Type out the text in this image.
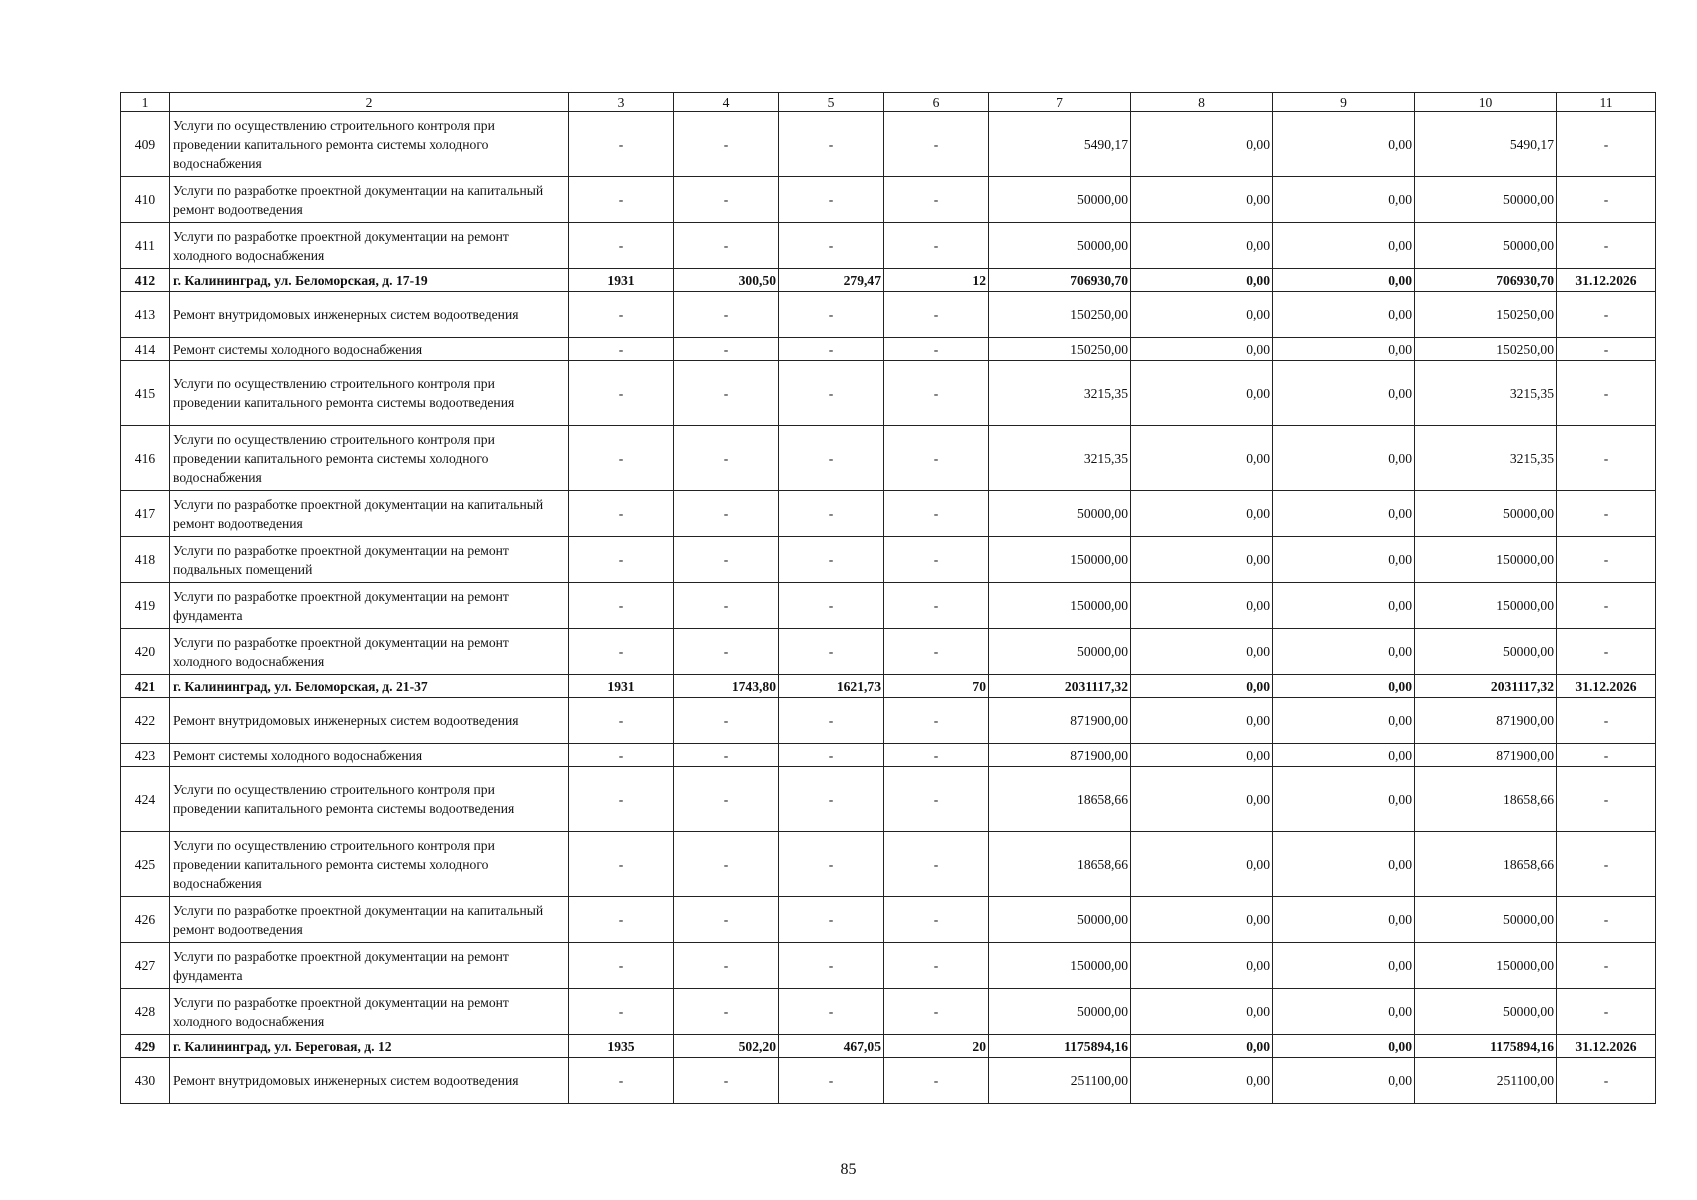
1	2	3	4	5	6	7	8	9	10	11
409	Услуги по осуществлению строительного контроля при проведении капитального ремонта системы холодного водоснабжения	-	-	-	-	5490,17	0,00	0,00	5490,17	-
410	Услуги по разработке проектной документации на капитальный ремонт водоотведения	-	-	-	-	50000,00	0,00	0,00	50000,00	-
411	Услуги по разработке проектной документации на ремонт холодного водоснабжения	-	-	-	-	50000,00	0,00	0,00	50000,00	-
412	г. Калининград, ул. Беломорская, д. 17-19	1931	300,50	279,47	12	706930,70	0,00	0,00	706930,70	31.12.2026
413	Ремонт внутридомовых инженерных систем водоотведения	-	-	-	-	150250,00	0,00	0,00	150250,00	-
414	Ремонт системы холодного водоснабжения	-	-	-	-	150250,00	0,00	0,00	150250,00	-
415	Услуги по осуществлению строительного контроля при проведении капитального ремонта системы водоотведения	-	-	-	-	3215,35	0,00	0,00	3215,35	-
416	Услуги по осуществлению строительного контроля при проведении капитального ремонта системы холодного водоснабжения	-	-	-	-	3215,35	0,00	0,00	3215,35	-
417	Услуги по разработке проектной документации на капитальный ремонт водоотведения	-	-	-	-	50000,00	0,00	0,00	50000,00	-
418	Услуги по разработке проектной документации на ремонт подвальных помещений	-	-	-	-	150000,00	0,00	0,00	150000,00	-
419	Услуги по разработке проектной документации на ремонт фундамента	-	-	-	-	150000,00	0,00	0,00	150000,00	-
420	Услуги по разработке проектной документации на ремонт холодного водоснабжения	-	-	-	-	50000,00	0,00	0,00	50000,00	-
421	г. Калининград, ул. Беломорская, д. 21-37	1931	1743,80	1621,73	70	2031117,32	0,00	0,00	2031117,32	31.12.2026
422	Ремонт внутридомовых инженерных систем водоотведения	-	-	-	-	871900,00	0,00	0,00	871900,00	-
423	Ремонт системы холодного водоснабжения	-	-	-	-	871900,00	0,00	0,00	871900,00	-
424	Услуги по осуществлению строительного контроля при проведении капитального ремонта системы водоотведения	-	-	-	-	18658,66	0,00	0,00	18658,66	-
425	Услуги по осуществлению строительного контроля при проведении капитального ремонта системы холодного водоснабжения	-	-	-	-	18658,66	0,00	0,00	18658,66	-
426	Услуги по разработке проектной документации на капитальный ремонт водоотведения	-	-	-	-	50000,00	0,00	0,00	50000,00	-
427	Услуги по разработке проектной документации на ремонт фундамента	-	-	-	-	150000,00	0,00	0,00	150000,00	-
428	Услуги по разработке проектной документации на ремонт холодного водоснабжения	-	-	-	-	50000,00	0,00	0,00	50000,00	-
429	г. Калининград, ул. Береговая, д. 12	1935	502,20	467,05	20	1175894,16	0,00	0,00	1175894,16	31.12.2026
430	Ремонт внутридомовых инженерных систем водоотведения	-	-	-	-	251100,00	0,00	0,00	251100,00	-
85
